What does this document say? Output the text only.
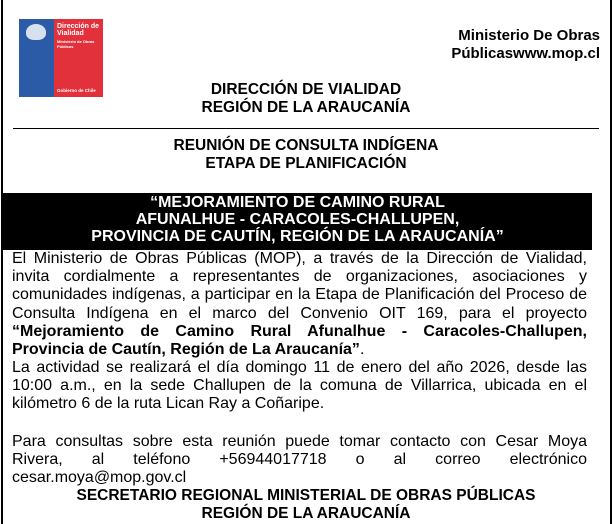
Dirección de Vialidad
Ministerio de Obras Públicas
Gobierno de Chile
Ministerio De Obras
Públicaswww.mop.cl
DIRECCIÓN DE VIALIDAD
REGIÓN DE LA ARAUCANÍA
REUNIÓN DE CONSULTA INDÍGENA
ETAPA DE PLANIFICACIÓN
“MEJORAMIENTO DE CAMINO RURAL
AFUNALHUE - CARACOLES-CHALLUPEN,
PROVINCIA DE CAUTÍN, REGIÓN DE LA ARAUCANÍA”
El Ministerio de Obras Públicas (MOP), a través de la Dirección de Vialidad, invita cordialmente a representantes de organizaciones, asociaciones y comunidades indígenas, a participar en la Etapa de Planificación del Proceso de Consulta Indígena en el marco del Convenio OIT 169, para el proyecto “Mejoramiento de Camino Rural Afunalhue - Caracoles-Challupen, Provincia de Cautín, Región de La Araucanía”.
La actividad se realizará el día domingo 11 de enero del año 2026, desde las 10:00 a.m., en la sede Challupen de la comuna de Villarrica, ubicada en el kilómetro 6 de la ruta Lican Ray a Coñaripe.
Para consultas sobre esta reunión puede tomar contacto con Cesar Moya Rivera, al teléfono +56944017718 o al correo electrónico
cesar.moya@mop.gov.cl
SECRETARIO REGIONAL MINISTERIAL DE OBRAS PÚBLICAS
REGIÓN DE LA ARAUCANÍA
